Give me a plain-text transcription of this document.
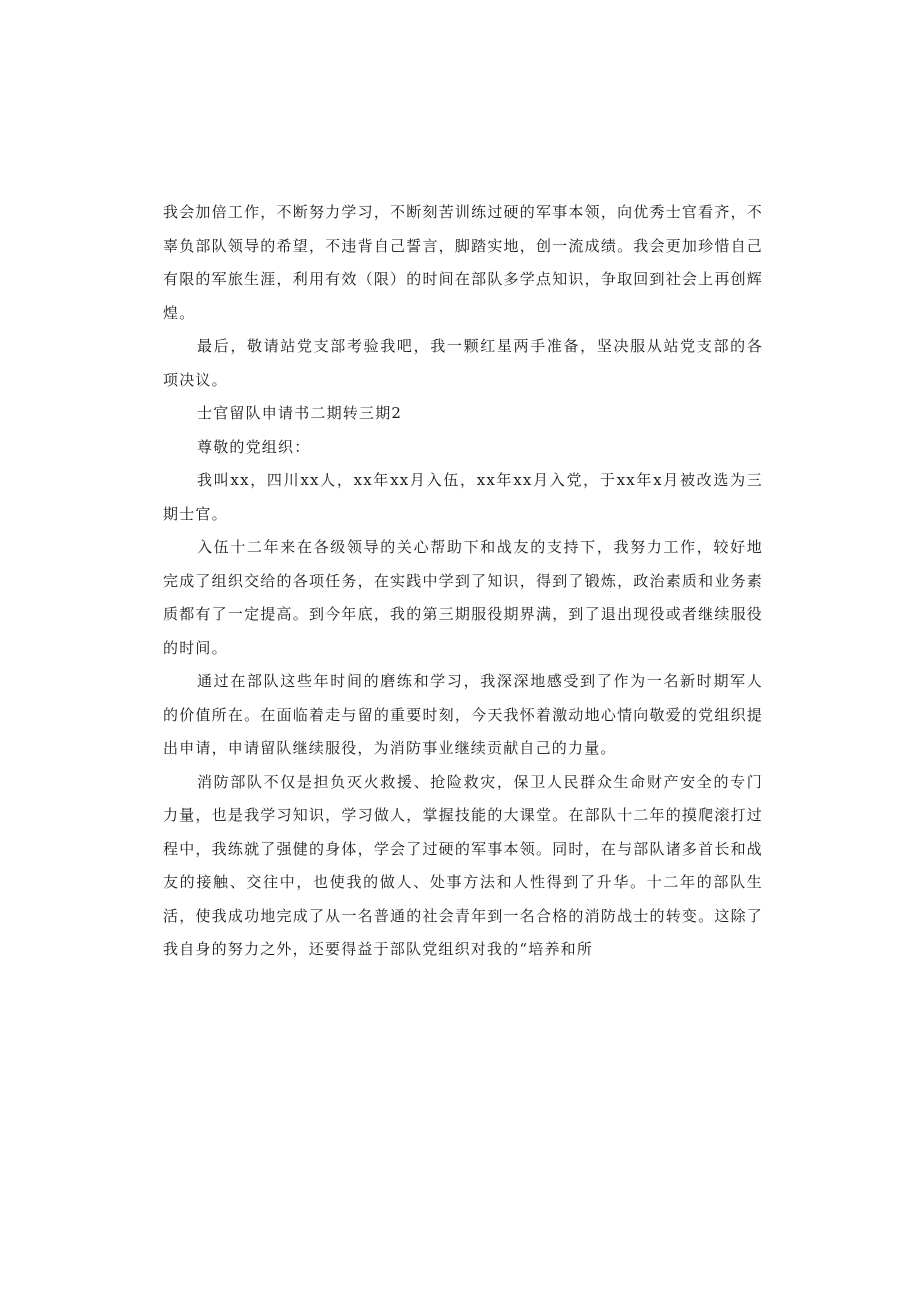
我会加倍工作，不断努力学习，不断刻苦训练过硬的军事本领，向优秀士官看齐，不辜负部队领导的希望，不违背自己誓言，脚踏实地，创一流成绩。我会更加珍惜自己有限的军旅生涯，利用有效（限）的时间在部队多学点知识，争取回到社会上再创辉煌。

最后，敬请站党支部考验我吧，我一颗红星两手准备，坚决服从站党支部的各项决议。

士官留队申请书二期转三期2

尊敬的党组织：

我叫xx，四川xx人，xx年xx月入伍，xx年xx月入党，于xx年x月被改选为三期士官。

入伍十二年来在各级领导的关心帮助下和战友的支持下，我努力工作，较好地完成了组织交给的各项任务，在实践中学到了知识，得到了锻炼，政治素质和业务素质都有了一定提高。到今年底，我的第三期服役期界满，到了退出现役或者继续服役的时间。

通过在部队这些年时间的磨练和学习，我深深地感受到了作为一名新时期军人的价值所在。在面临着走与留的重要时刻，今天我怀着激动地心情向敬爱的党组织提出申请，申请留队继续服役，为消防事业继续贡献自己的力量。

消防部队不仅是担负灭火救援、抢险救灾，保卫人民群众生命财产安全的专门力量，也是我学习知识，学习做人，掌握技能的大课堂。在部队十二年的摸爬滚打过程中，我练就了强健的身体，学会了过硬的军事本领。同时，在与部队诸多首长和战友的接触、交往中，也使我的做人、处事方法和人性得到了升华。十二年的部队生活，使我成功地完成了从一名普通的社会青年到一名合格的消防战士的转变。这除了我自身的努力之外，还要得益于部队党组织对我的“培养和所
